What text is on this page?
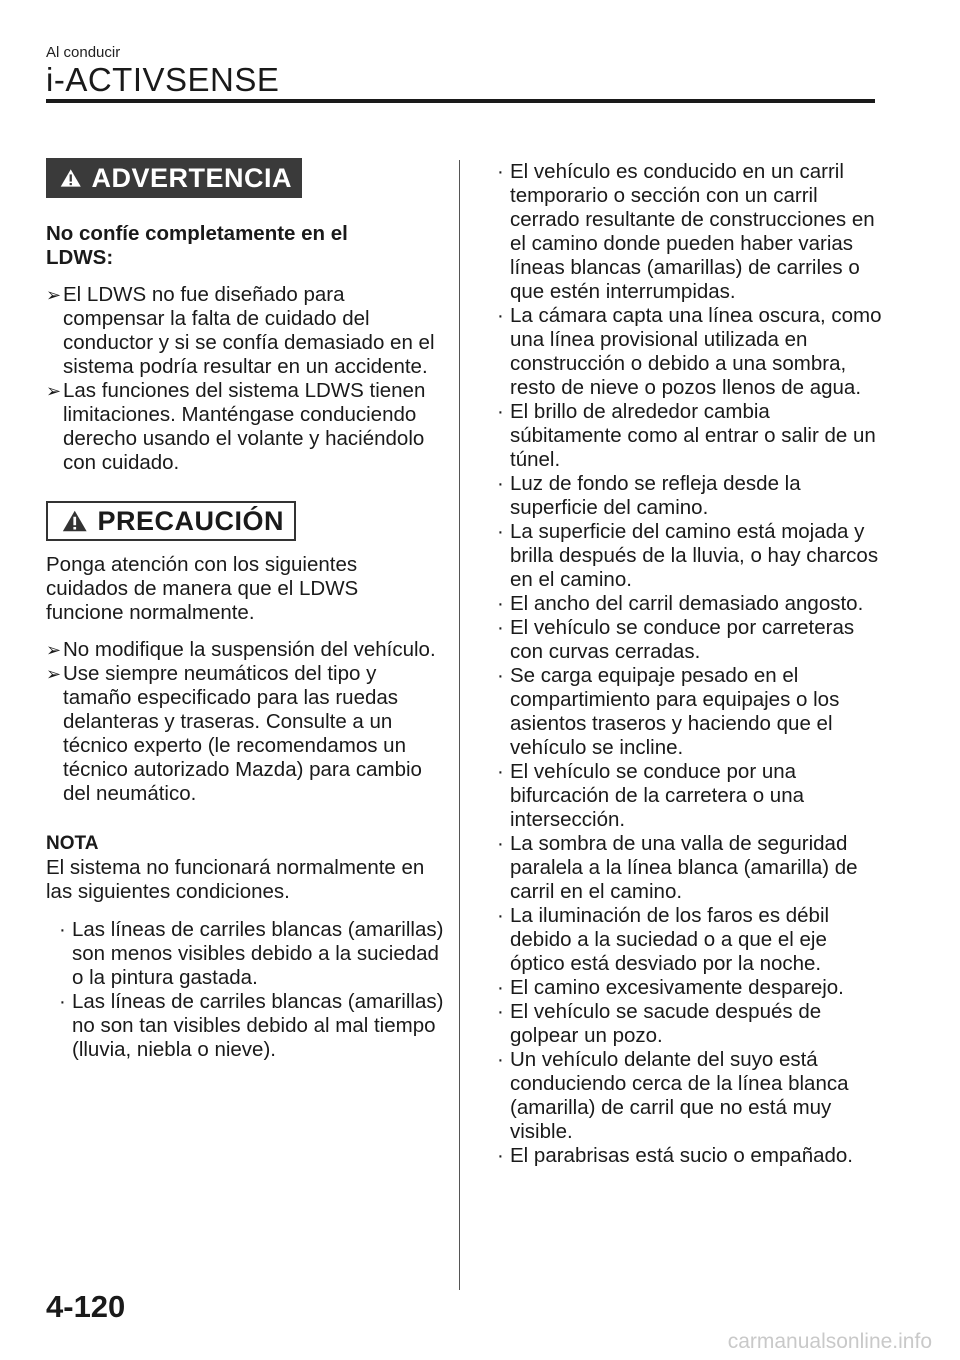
Al conducir
i-ACTIVSENSE
ADVERTENCIA
No confíe completamente en el LDWS:
➢ El LDWS no fue diseñado para compensar la falta de cuidado del conductor y si se confía demasiado en el sistema podría resultar en un accidente.
➢ Las funciones del sistema LDWS tienen limitaciones. Manténgase conduciendo derecho usando el volante y haciéndolo con cuidado.
PRECAUCIÓN
Ponga atención con los siguientes cuidados de manera que el LDWS funcione normalmente.
➢ No modifique la suspensión del vehículo.
➢ Use siempre neumáticos del tipo y tamaño especificado para las ruedas delanteras y traseras. Consulte a un técnico experto (le recomendamos un técnico autorizado Mazda) para cambio del neumático.
NOTA
El sistema no funcionará normalmente en las siguientes condiciones.
· Las líneas de carriles blancas (amarillas) son menos visibles debido a la suciedad o la pintura gastada.
· Las líneas de carriles blancas (amarillas) no son tan visibles debido al mal tiempo (lluvia, niebla o nieve).
· El vehículo es conducido en un carril temporario o sección con un carril cerrado resultante de construcciones en el camino donde pueden haber varias líneas blancas (amarillas) de carriles o que estén interrumpidas.
· La cámara capta una línea oscura, como una línea provisional utilizada en construcción o debido a una sombra, resto de nieve o pozos llenos de agua.
· El brillo de alrededor cambia súbitamente como al entrar o salir de un túnel.
· Luz de fondo se refleja desde la superficie del camino.
· La superficie del camino está mojada y brilla después de la lluvia, o hay charcos en el camino.
· El ancho del carril demasiado angosto.
· El vehículo se conduce por carreteras con curvas cerradas.
· Se carga equipaje pesado en el compartimiento para equipajes o los asientos traseros y haciendo que el vehículo se incline.
· El vehículo se conduce por una bifurcación de la carretera o una intersección.
· La sombra de una valla de seguridad paralela a la línea blanca (amarilla) de carril en el camino.
· La iluminación de los faros es débil debido a la suciedad o a que el eje óptico está desviado por la noche.
· El camino excesivamente desparejo.
· El vehículo se sacude después de golpear un pozo.
· Un vehículo delante del suyo está conduciendo cerca de la línea blanca (amarilla) de carril que no está muy visible.
· El parabrisas está sucio o empañado.
4-120
carmanualsonline.info
